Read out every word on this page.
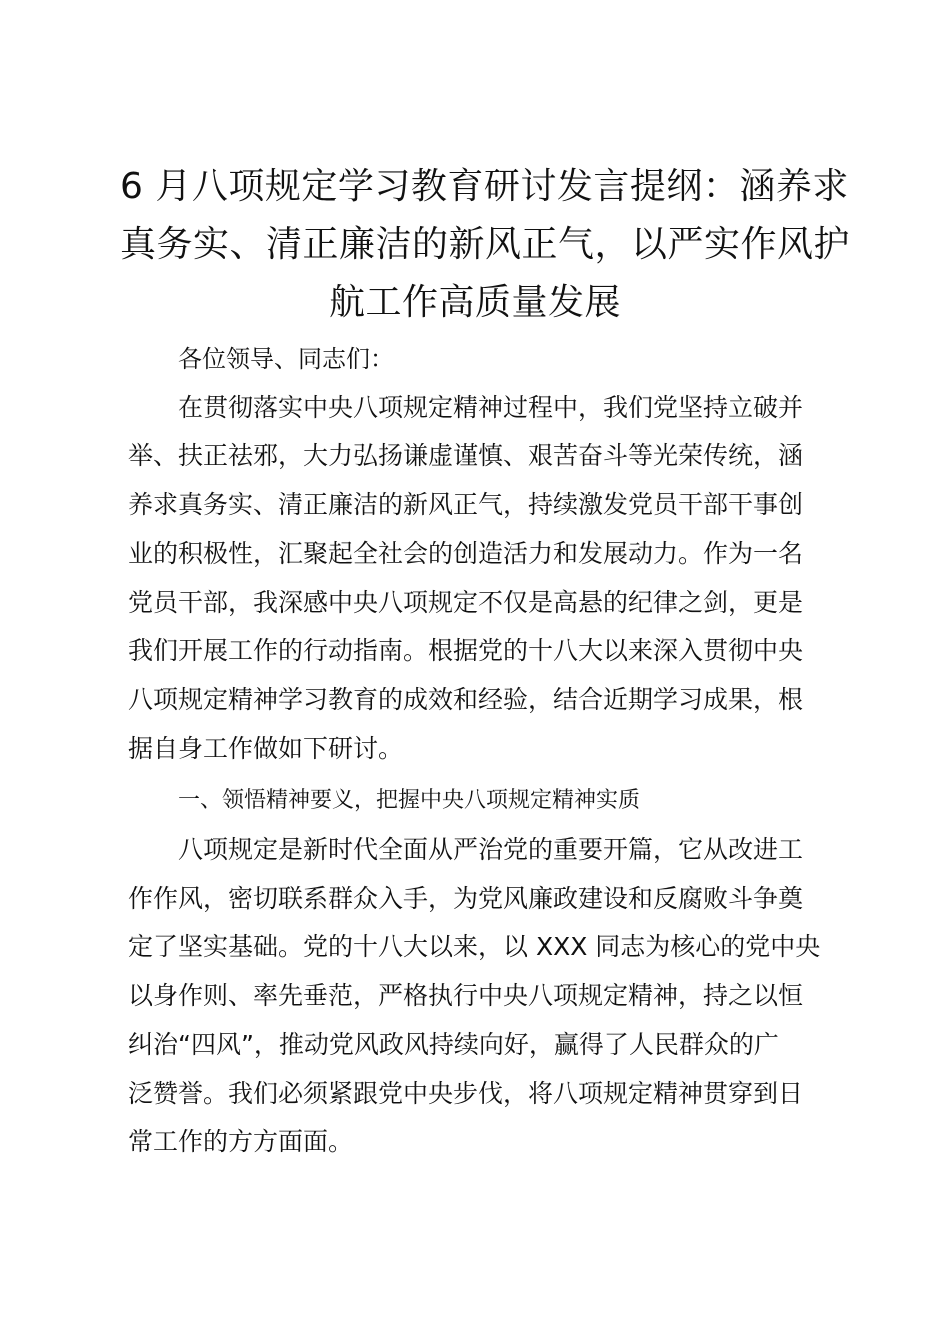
6 月八项规定学习教育研讨发言提纲：涵养求
真务实、清正廉洁的新风正气，以严实作风护
航工作高质量发展

各位领导、同志们：

在贯彻落实中央八项规定精神过程中，我们党坚持立破并
举、扶正祛邪，大力弘扬谦虚谨慎、艰苦奋斗等光荣传统，涵
养求真务实、清正廉洁的新风正气，持续激发党员干部干事创
业的积极性，汇聚起全社会的创造活力和发展动力。作为一名
党员干部，我深感中央八项规定不仅是高悬的纪律之剑，更是
我们开展工作的行动指南。根据党的十八大以来深入贯彻中央
八项规定精神学习教育的成效和经验，结合近期学习成果，根
据自身工作做如下研讨。

一、领悟精神要义，把握中央八项规定精神实质

八项规定是新时代全面从严治党的重要开篇，它从改进工
作作风，密切联系群众入手，为党风廉政建设和反腐败斗争奠
定了坚实基础。党的十八大以来，以 XXX 同志为核心的党中央
以身作则、率先垂范，严格执行中央八项规定精神，持之以恒
纠治“四风”，推动党风政风持续向好，赢得了人民群众的广
泛赞誉。我们必须紧跟党中央步伐，将八项规定精神贯穿到日
常工作的方方面面。
